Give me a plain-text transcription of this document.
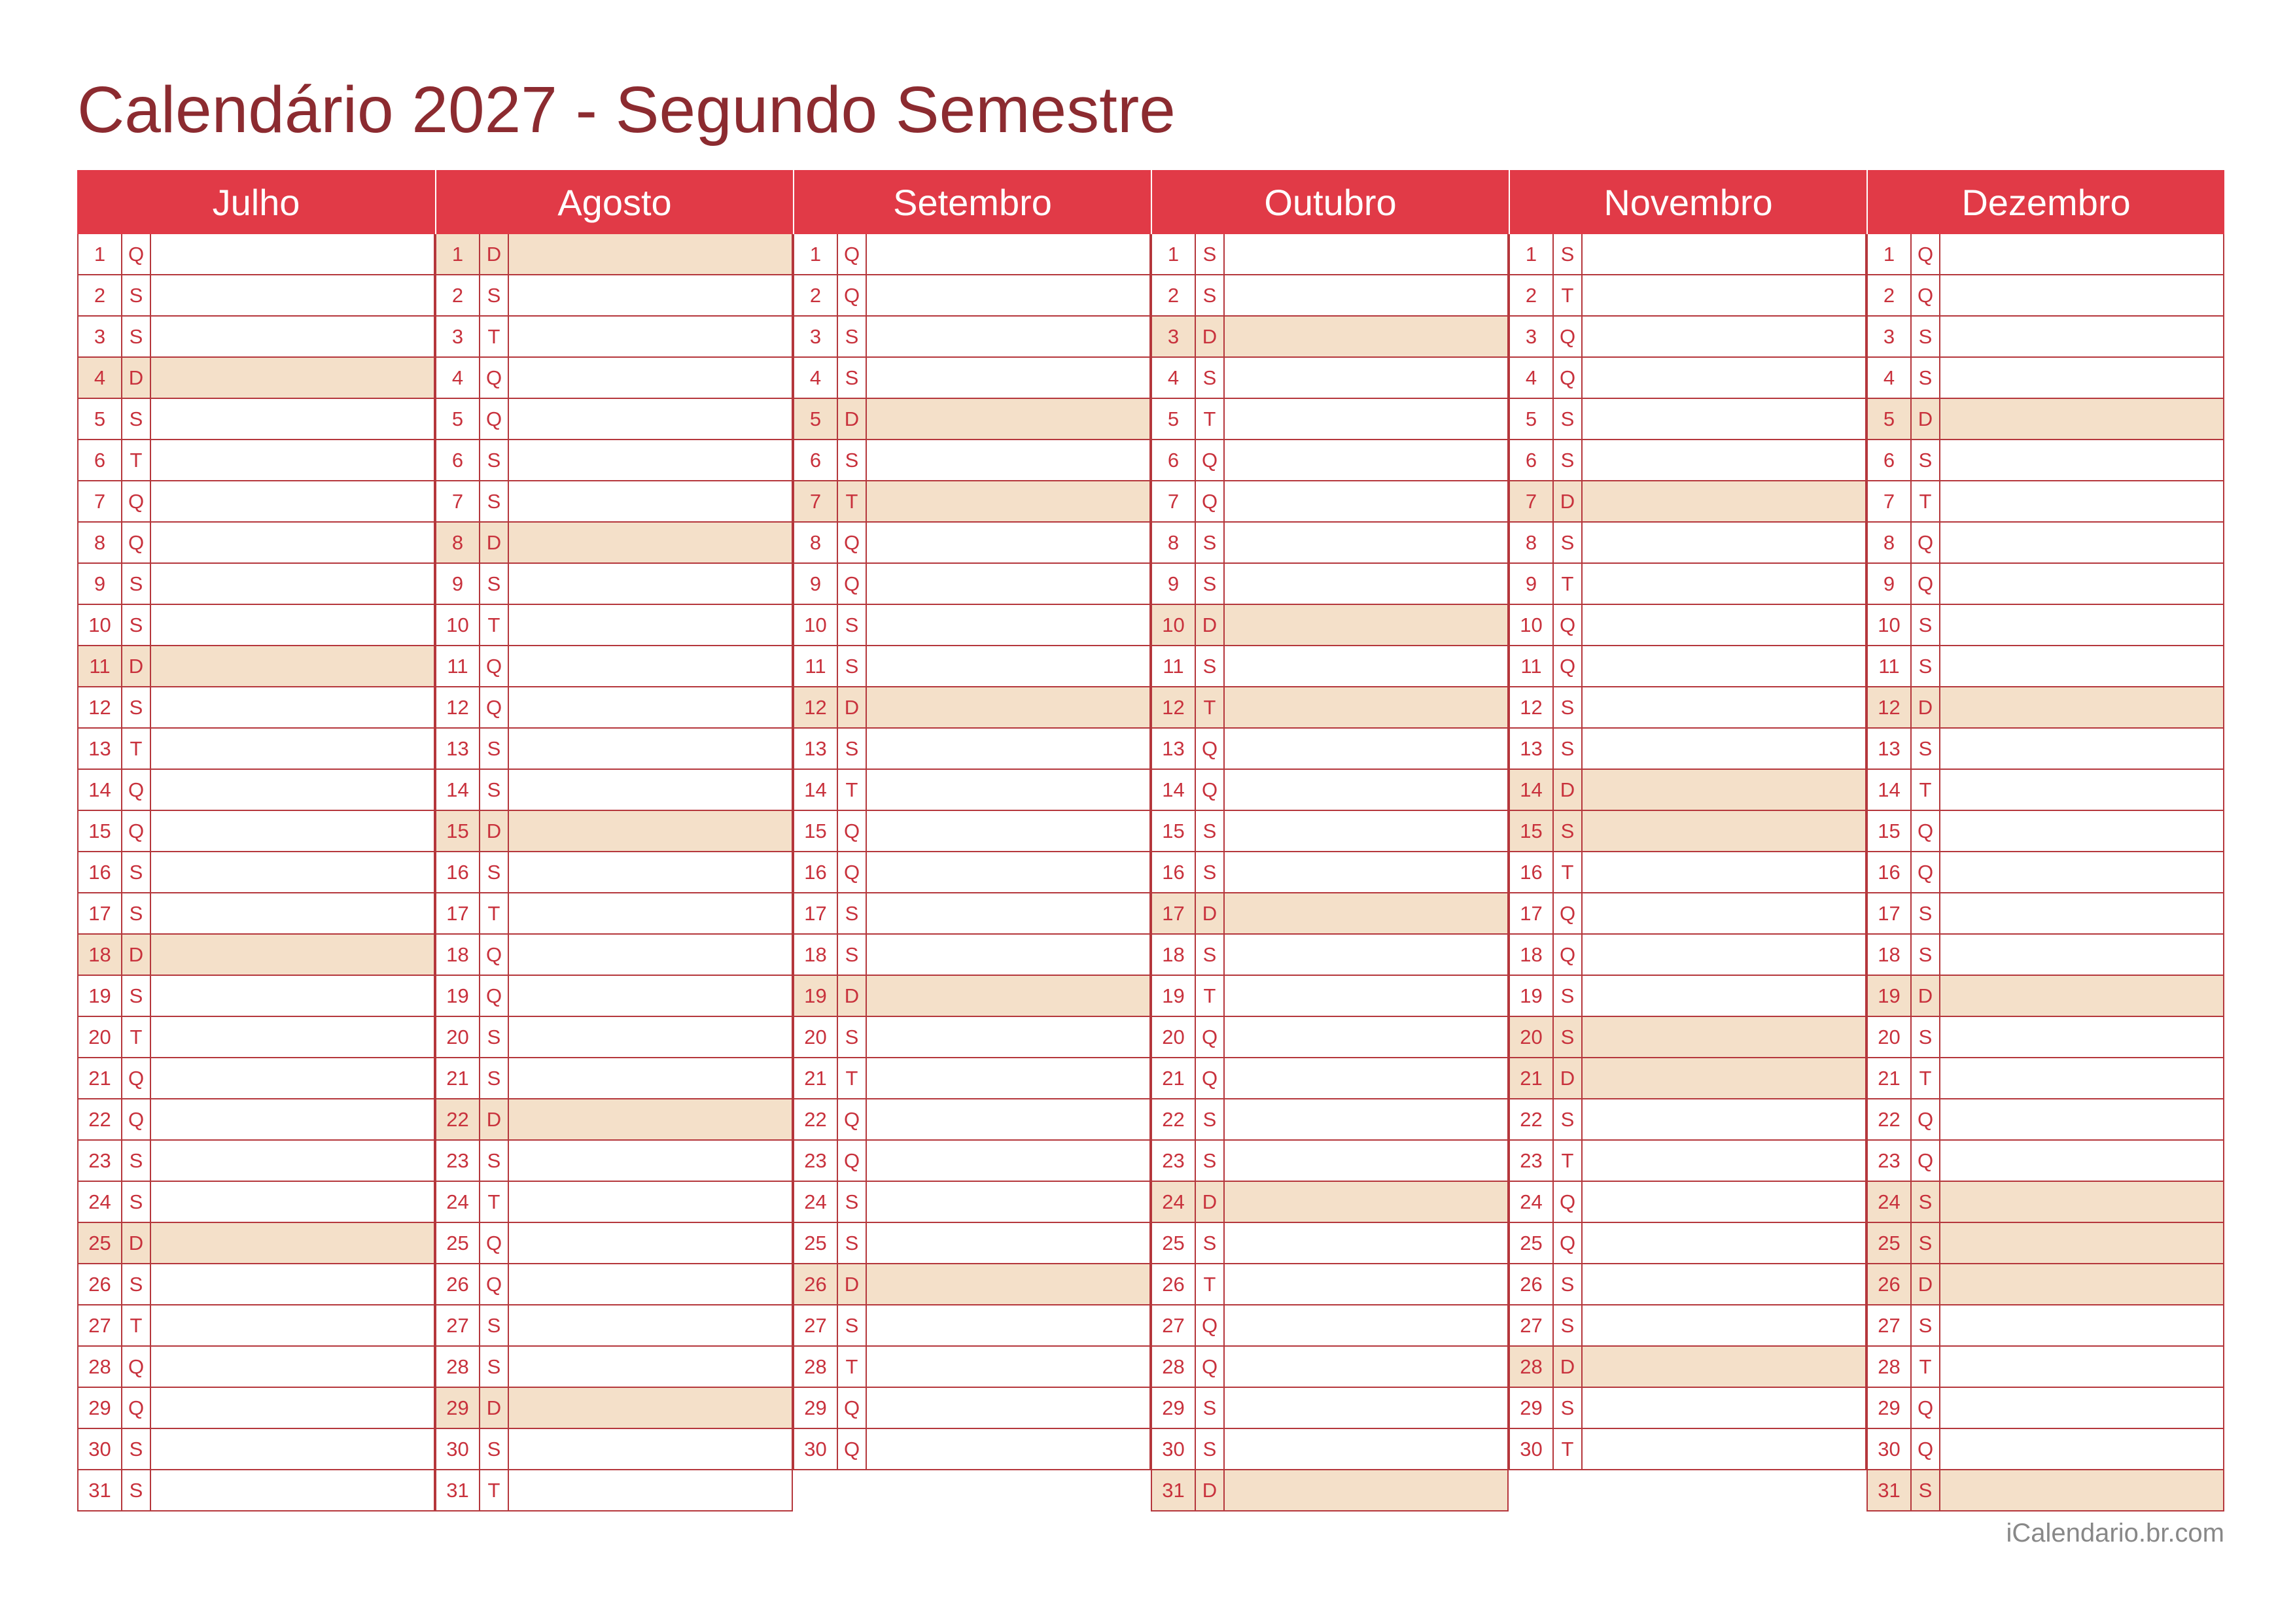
Calendário 2027 - Segundo Semestre
Julho
1	Q
2	S
3	S
4	D
5	S
6	T
7	Q
8	Q
9	S
10 S
11 D
12 S
13 T
14 Q
15 Q
16 S
17 S
18 D
19 S
20 T
21 Q
22 Q
23 S
24 S
25 D
26 S
27 T
28 Q
29 Q
30 S
31 S
Agosto
1	D
2	S
3	T
4	Q
5	Q
6	S
7	S
8	D
9	S
10 T
11 Q
12 Q
13 S
14 S
15 D
16 S
17 T
18 Q
19 Q
20 S
21 S
22 D
23 S
24 T
25 Q
26 Q
27 S
28 S
29 D
30 S
31 T
Setembro
1	Q
2	Q
3	S
4	S
5	D
6	S
7	T
8	Q
9	Q
10 S
11 S
12 D
13 S
14 T
15 Q
16 Q
17 S
18 S
19 D
20 S
21 T
22 Q
23 Q
24 S
25 S
26 D
27 S
28 T
29 Q
30 Q
Outubro
1	S
2	S
3	D
4	S
5	T
6	Q
7	Q
8	S
9	S
10 D
11 S
12 T
13 Q
14 Q
15 S
16 S
17 D
18 S
19 T
20 Q
21 Q
22 S
23 S
24 D
25 S
26 T
27 Q
28 Q
29 S
30 S
31 D
Novembro
1	S
2	T
3	Q
4	Q
5	S
6	S
7	D
8	S
9	T
10 Q
11 Q
12 S
13 S
14 D
15 S
16 T
17 Q
18 Q
19 S
20 S
21 D
22 S
23 T
24 Q
25 Q
26 S
27 S
28 D
29 S
30 T
Dezembro
1	Q
2	Q
3	S
4	S
5	D
6	S
7	T
8	Q
9	Q
10 S
11 S
12 D
13 S
14 T
15 Q
16 Q
17 S
18 S
19 D
20 S
21 T
22 Q
23 Q
24 S
25 S
26 D
27 S
28 T
29 Q
30 Q
31 S
iCalendario.br.com
